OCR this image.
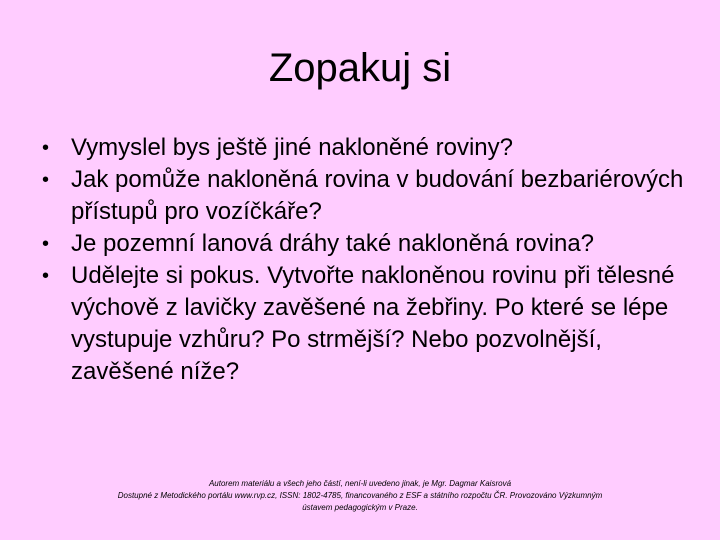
Zopakuj si
• Vymyslel bys ještě jiné nakloněné roviny?
• Jak pomůže nakloněná rovina v budování bezbariérových přístupů pro vozíčkáře?
• Je pozemní lanová dráhy také nakloněná rovina?
• Udělejte si pokus. Vytvořte nakloněnou rovinu při tělesné výchově z lavičky zavěšené na žebřiny. Po které se lépe vystupuje vzhůru? Po strmější? Nebo pozvolnější, zavěšené níže?
Autorem materiálu a všech jeho částí, není-li uvedeno jinak, je Mgr. Dagmar Kaisrová
Dostupné z Metodického portálu www.rvp.cz, ISSN: 1802-4785, financovaného z ESF a státního rozpočtu ČR. Provozováno Výzkumným
ústavem pedagogickým v Praze.
